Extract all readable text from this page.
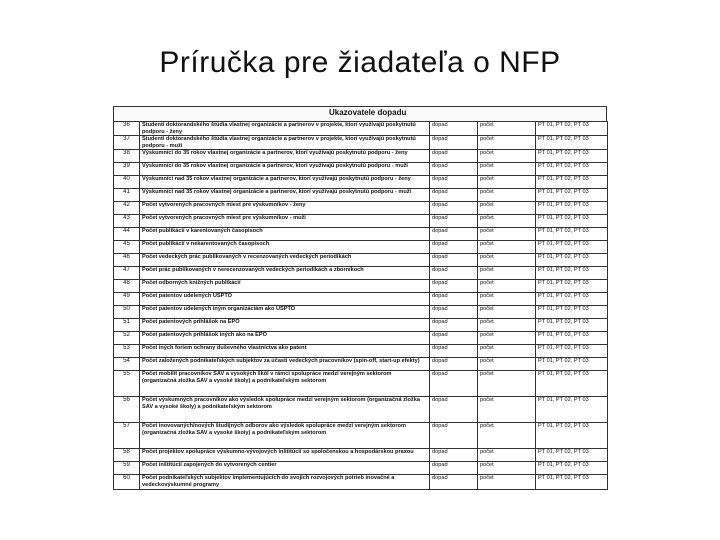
Príručka pre žiadateľa o NFP
Ukazovatele dopadu
36	Študenti doktorandského štúdia vlastnej organizácie a partnerov v projekte, ktorí využívajú poskytnutú podporu - ženy	dopad	počet	PT 01, PT 02, PT 03
37	Študenti doktorandského štúdia vlastnej organizácie a partnerov v projekte, ktorí využívajú poskytnutú podporu - muži	dopad	počet	PT 01, PT 02, PT 03
38	Výskumníci do 35 rokov vlastnej organizácie a partnerov, ktorí využívajú poskytnutú podporu - ženy	dopad	počet	PT 01, PT 02, PT 03
39	Výskumníci do 35 rokov vlastnej organizácie a partnerov, ktorí využívajú poskytnutú podporu - muži	dopad	počet	PT 01, PT 02, PT 03
40	Výskumníci nad 35 rokov vlastnej organizácie a partnerov, ktorí využívajú poskytnutú podporu - ženy	dopad	počet	PT 01, PT 02, PT 03
41	Výskumníci nad 35 rokov vlastnej organizácie a partnerov, ktorí využívajú poskytnutú podporu - muži	dopad	počet	PT 01, PT 02, PT 03
42	Počet vytvorených pracovných miest pre výskumníkov - ženy	dopad	počet	PT 01, PT 02, PT 03
43	Počet vytvorených pracovných miest pre výskumníkov - muži	dopad	počet	PT 01, PT 02, PT 03
44	Počet publikácií v karentovaných časopisoch	dopad	počet	PT 01, PT 02, PT 03
45	Počet publikácií v nekarentovaných časopisoch	dopad	počet	PT 01, PT 02, PT 03
46	Počet vedeckých prác publikovaných v recenzovaných vedeckých periodikách	dopad	počet	PT 01, PT 02, PT 03
47	Počet prác publikovaných v nerecenzovaných vedeckých periodikách a zborníkoch	dopad	počet	PT 01, PT 02, PT 03
48	Počet odborných knižných publikácií	dopad	počet	PT 01, PT 02, PT 03
49	Počet patentov udelených USPTO	dopad	počet	PT 01, PT 02, PT 03
50	Počet patentov udelených iným organizáciám ako USPTO	dopad	počet	PT 01, PT 02, PT 03
51	Počet patentových prihlášok na EPO	dopad	počet	PT 01, PT 02, PT 03
52	Počet patentových prihlášok iných ako na EPO	dopad	počet	PT 01, PT 02, PT 03
53	Počet iných foriem ochrany duševného vlastníctva ako patent	dopad	počet	PT 01, PT 02, PT 03
54	Počet založených podnikateľských subjektov za účasti vedeckých pracovníkov (spin-off, start-up efekty)	dopad	počet	PT 01, PT 02, PT 03
55	Počet mobilít pracovníkov SAV a vysokých škôl v rámci spolupráce medzi verejným sektorom (organizačná zložka SAV a vysoké školy) a podnikateľským sektorom	dopad	počet	PT 01, PT 02, PT 03
56	Počet výskumných pracovníkov ako výsledok spolupráce medzi verejným sektorom (organizačná zložka SAV a vysoké školy) a podnikateľským sektorom	dopad	počet	PT 01, PT 02, PT 03
57	Počet inovovaných/nových študijných odborov ako výsledok spolupráce medzi verejným sektorom (organizačná zložka SAV a vysoké školy) a podnikateľským sektorom	dopad	počet	PT 01, PT 02, PT 03
58	Počet projektov spolupráce výskumno-vývojových inštitúcií so spoločenskou a hospodárskou praxou	dopad	počet	PT 01, PT 02, PT 03
59	Počet inštitúcií zapojených do vytvorených centier	dopad	počet	PT 01, PT 02, PT 03
60	Počet podnikateľských subjektov implementujúcich do svojich rozvojových potrieb inovačné a vedeckovýskumné programy	dopad	počet	PT 01, PT 02, PT 03
